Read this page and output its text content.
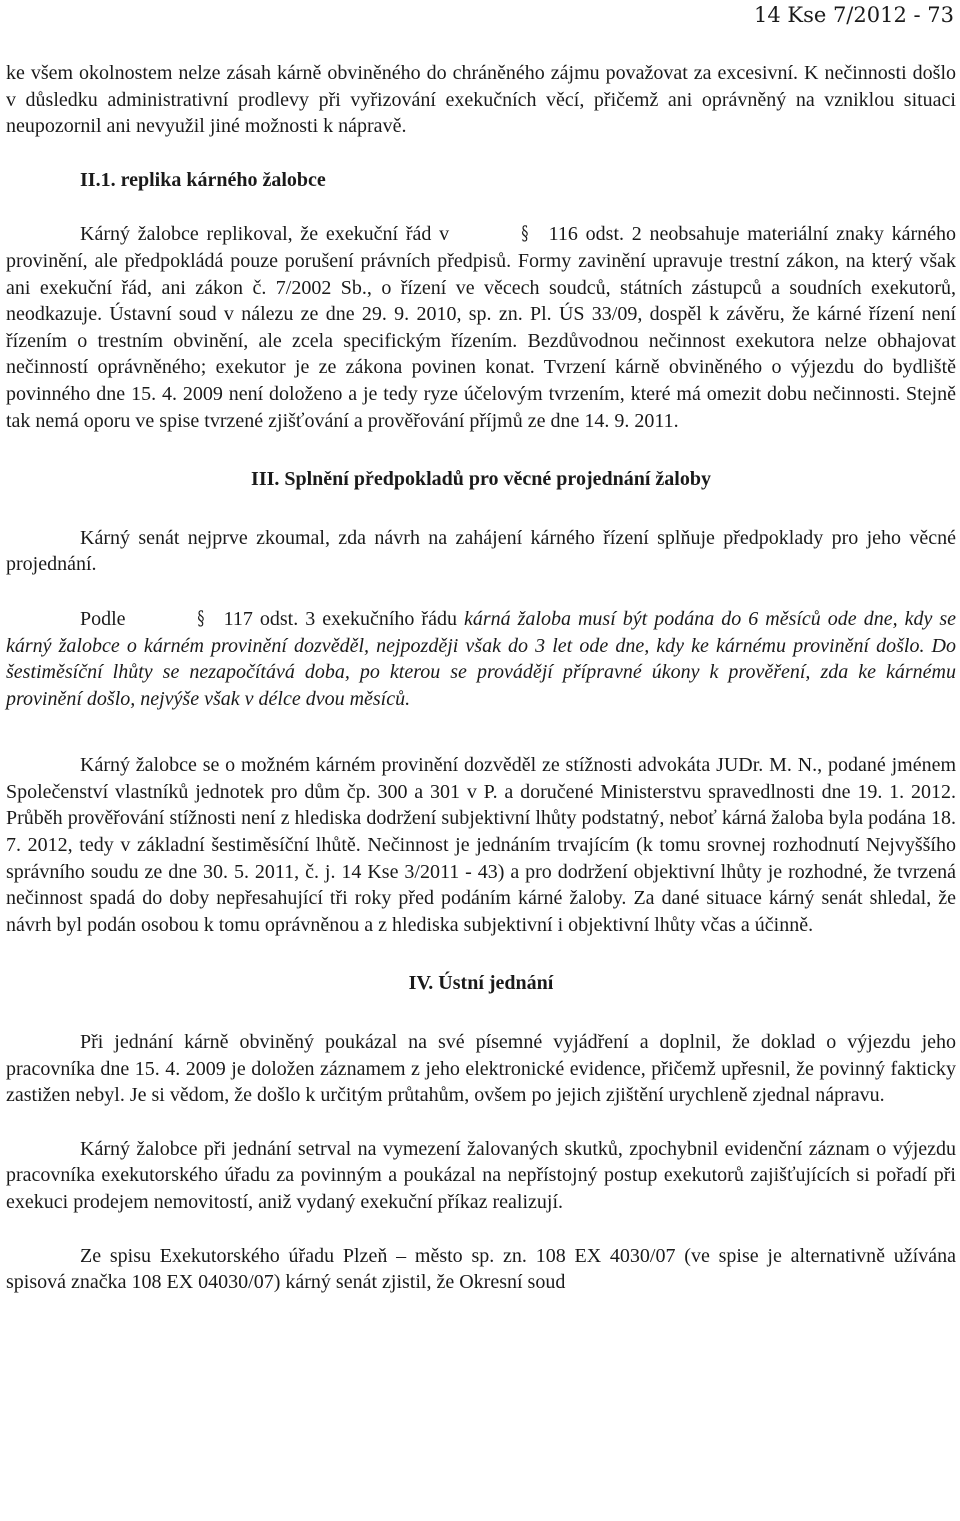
14 Kse 7/2012 - 73

ke všem okolnostem nelze zásah kárně obviněného do chráněného zájmu považovat za excesivní. K nečinnosti došlo v důsledku administrativní prodlevy při vyřizování exekučních věcí, přičemž ani oprávněný na vzniklou situaci neupozornil ani nevyužil jiné možnosti k nápravě.

II.1. replika kárného žalobce

Kárný žalobce replikoval, že exekuční řád v	§ 116 odst. 2 neobsahuje materiální znaky kárného provinění, ale předpokládá pouze porušení právních předpisů. Formy zavinění upravuje trestní zákon, na který však ani exekuční řád, ani zákon č. 7/2002 Sb., o řízení ve věcech soudců, státních zástupců a soudních exekutorů, neodkazuje. Ústavní soud v nálezu ze dne 29. 9. 2010, sp. zn. Pl. ÚS 33/09, dospěl k závěru, že kárné řízení není řízením o trestním obvinění, ale zcela specifickým řízením. Bezdůvodnou nečinnost exekutora nelze obhajovat nečinností oprávněného; exekutor je ze zákona povinen konat. Tvrzení kárně obviněného o výjezdu do bydliště povinného dne 15. 4. 2009 není doloženo a je tedy ryze účelovým tvrzením, které má omezit dobu nečinnosti. Stejně tak nemá oporu ve spise tvrzené zjišťování a prověřování příjmů ze dne 14. 9. 2011.

III. Splnění předpokladů pro věcné projednání žaloby

Kárný senát nejprve zkoumal, zda návrh na zahájení kárného řízení splňuje předpoklady pro jeho věcné projednání.

Podle	§ 117 odst. 3 exekučního řádu kárná žaloba musí být podána do 6 měsíců ode dne, kdy se kárný žalobce o kárném provinění dozvěděl, nejpozději však do 3 let ode dne, kdy ke kárnému provinění došlo. Do šestiměsíční lhůty se nezapočítává doba, po kterou se provádějí přípravné úkony k prověření, zda ke kárnému provinění došlo, nejvýše však v délce dvou měsíců.

Kárný žalobce se o možném kárném provinění dozvěděl ze stížnosti advokáta JUDr. M. N., podané jménem Společenství vlastníků jednotek pro dům čp. 300 a 301 v P. a doručené Ministerstvu spravedlnosti dne 19. 1. 2012. Průběh prověřování stížnosti není z hlediska dodržení subjektivní lhůty podstatný, neboť kárná žaloba byla podána 18. 7. 2012, tedy v základní šestiměsíční lhůtě. Nečinnost je jednáním trvajícím (k tomu srovnej rozhodnutí Nejvyššího správního soudu ze dne 30. 5. 2011, č. j. 14 Kse 3/2011 - 43) a pro dodržení objektivní lhůty je rozhodné, že tvrzená nečinnost spadá do doby nepřesahující tři roky před podáním kárné žaloby. Za dané situace kárný senát shledal, že návrh byl podán osobou k tomu oprávněnou a z hlediska subjektivní i objektivní lhůty včas a účinně.

IV. Ústní jednání

Při jednání kárně obviněný poukázal na své písemné vyjádření a doplnil, že doklad o výjezdu jeho pracovníka dne 15. 4. 2009 je doložen záznamem z jeho elektronické evidence, přičemž upřesnil, že povinný fakticky zastižen nebyl. Je si vědom, že došlo k určitým průtahům, ovšem po jejich zjištění urychleně zjednal nápravu.

Kárný žalobce při jednání setrval na vymezení žalovaných skutků, zpochybnil evidenční záznam o výjezdu pracovníka exekutorského úřadu za povinným a poukázal na nepřístojný postup exekutorů zajišťujících si pořadí při exekuci prodejem nemovitostí, aniž vydaný exekuční příkaz realizují.

Ze spisu Exekutorského úřadu Plzeň – město sp. zn. 108 EX 4030/07 (ve spise je alternativně užívána spisová značka 108 EX 04030/07) kárný senát zjistil, že Okresní soud
